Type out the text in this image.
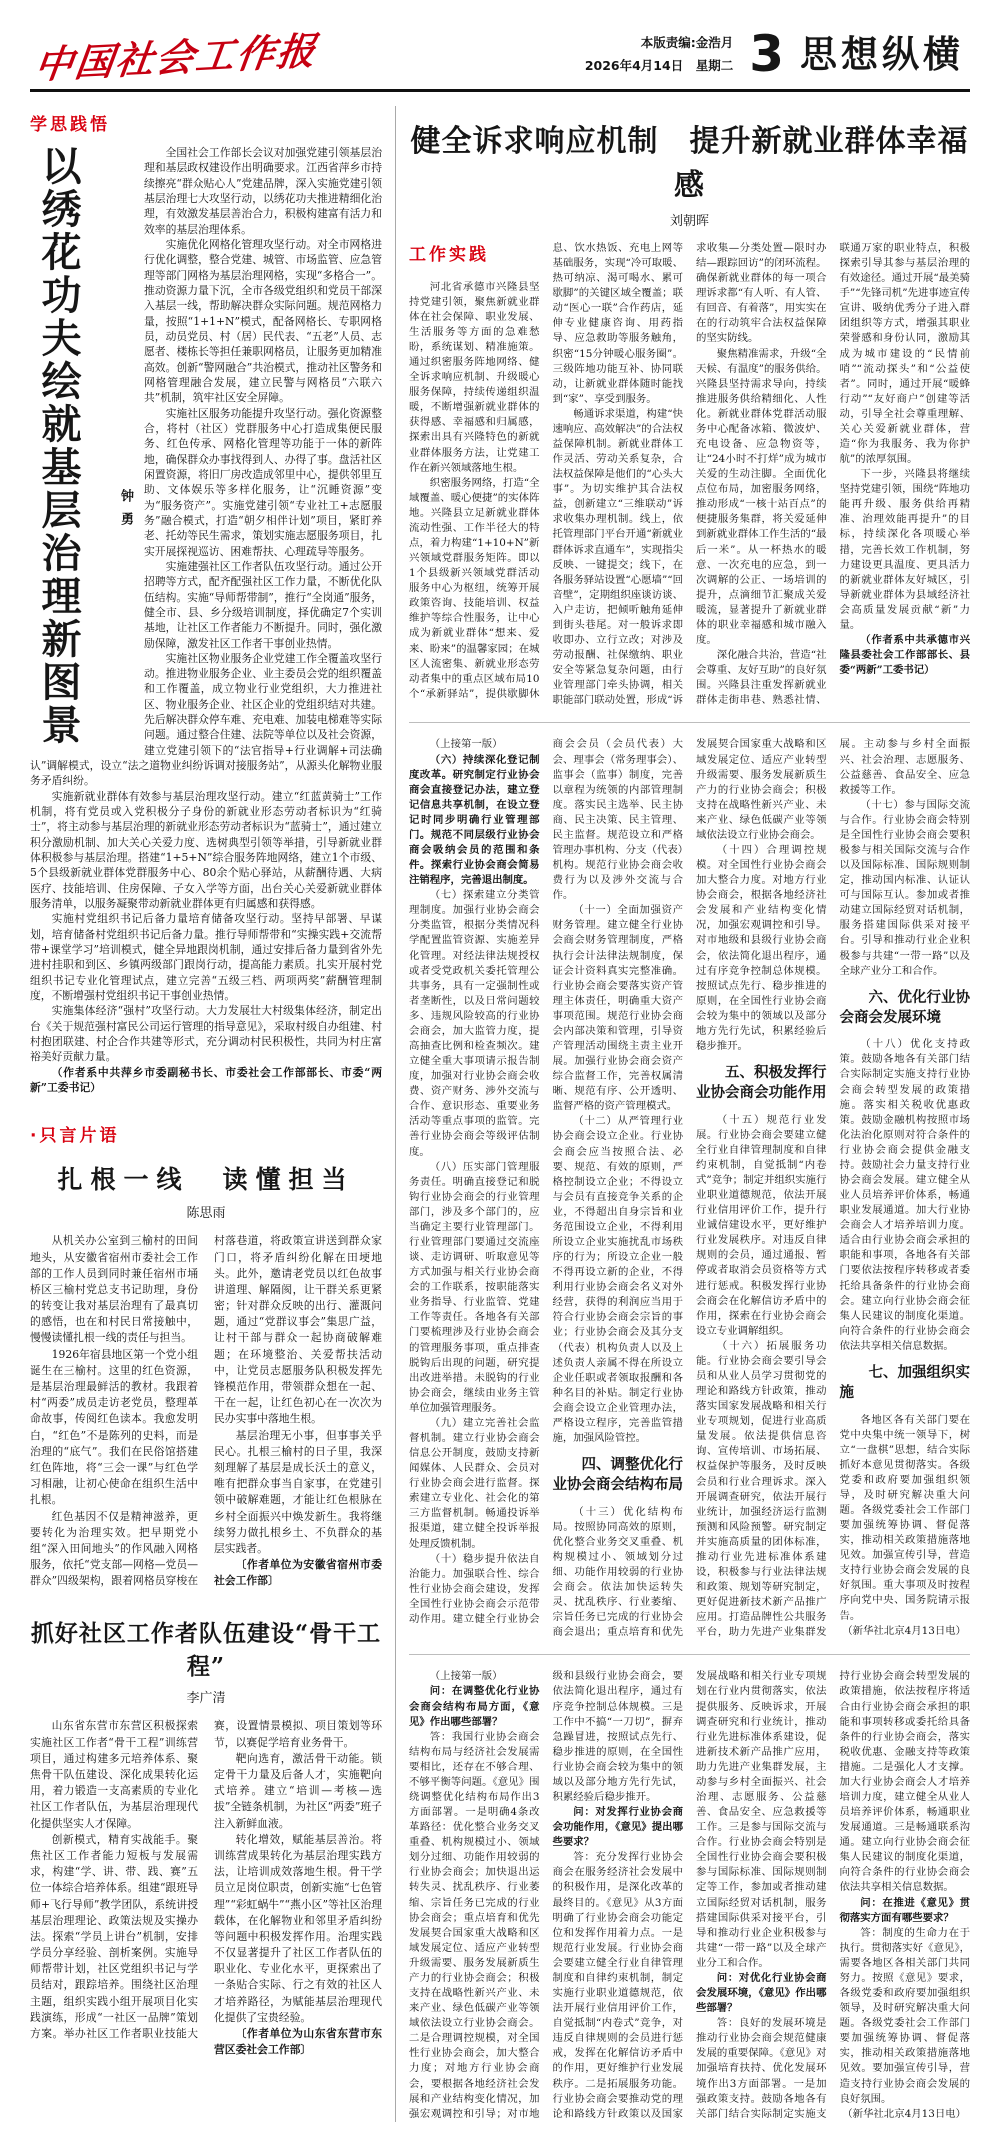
中国社会工作报	本版责编:金浩月
2026年4月14日　星期二 3 思想纵横
学思践悟
以绣花功夫绘就基层治理新图景	钟勇
全国社会工作部长会议对加强党建引领基层治理和基层政权建设作出明确要求。江西省萍乡市持续擦亮“群众贴心人”党建品牌，深入实施党建引领基层治理七大攻坚行动，以绣花功夫推进精细化治理，有效激发基层善治合力，积极构建富有活力和效率的基层治理体系。
实施优化网格化管理攻坚行动。对全市网格进行优化调整，整合党建、城管、市场监管、应急管理等部门网格为基层治理网格，实现“多格合一”。推动资源力量下沉，全市各级党组织和党员干部深入基层一线，帮助解决群众实际问题。规范网格力量，按照“1+1+N”模式，配备网格长、专职网格员，动员党员、村（居）民代表、“五老”人员、志愿者、楼栋长等担任兼职网格员，让服务更加精准高效。创新“警网融合”共治模式，推动社区警务和网格管理融合发展，建立民警与网格员“六联六共”机制，筑牢社区安全屏障。
实施社区服务功能提升攻坚行动。强化资源整合，将村（社区）党群服务中心打造成集便民服务、红色传承、网格化管理等功能于一体的新阵地，确保群众办事找得到人、办得了事。盘活社区闲置资源，将旧厂房改造成邻里中心，提供邻里互助、文体娱乐等多样化服务，让“沉睡资源”变为“服务资产”。实施党建引领“专业社工+志愿服务”融合模式，打造“朝夕相伴计划”项目，紧盯养老、托幼等民生需求，策划实施志愿服务项目，扎实开展探视巡访、困难帮扶、心理疏导等服务。
实施建强社区工作者队伍攻坚行动。通过公开招聘等方式，配齐配强社区工作力量，不断优化队伍结构。实施“导师帮带制”，推行“全岗通”服务，健全市、县、乡分级培训制度，择优确定7个实训基地，让社区工作者能力不断提升。同时，强化激励保障，激发社区工作者干事创业热情。
实施社区物业服务企业党建工作全覆盖攻坚行动。推进物业服务企业、业主委员会党的组织覆盖和工作覆盖，成立物业行业党组织，大力推进社区、物业服务企业、社区企业的党组织结对共建。先后解决群众停车难、充电难、加装电梯难等实际问题。通过整合住建、法院等单位以及社会资源，建立党建引领下的“法官指导+行业调解+司法确认”调解模式，设立“法之道物业纠纷诉调对接服务站”，从源头化解物业服务矛盾纠纷。
实施新就业群体有效参与基层治理攻坚行动。建立“红蓝黄骑士”工作机制，将有党员或入党积极分子身份的新就业形态劳动者标识为“红骑士”，将主动参与基层治理的新就业形态劳动者标识为“蓝骑士”，通过建立积分激励机制、加大关心关爱力度、选树典型引领等举措，引导新就业群体积极参与基层治理。搭建“1+5+N”综合服务阵地网络，建立1个市级、5个县级新就业群体党群服务中心、80余个贴心驿站，从薪酬待遇、大病医疗、技能培训、住房保障、子女入学等方面，出台关心关爱新就业群体服务清单，以服务凝聚带动新就业群体更有归属感和获得感。
实施村党组织书记后备力量培育储备攻坚行动。坚持早部署、早谋划，培育储备村党组织书记后备力量。推行导师帮带和“实操实践+交流帮带+课堂学习”培训模式，健全异地跟岗机制，通过安排后备力量到省外先进村挂职和到区、乡镇两级部门跟岗行动，提高能力素质。扎实开展村党组织书记专业化管理试点，建立完善“五级三档、两项两奖”薪酬管理制度，不断增强村党组织书记干事创业热情。
实施集体经济“强村”攻坚行动。大力发展壮大村级集体经济，制定出台《关于规范强村富民公司运行管理的指导意见》，采取村级自办组建、村村抱团联建、村企合作共建等形式，充分调动村民积极性，共同为村庄富裕美好贡献力量。
（作者系中共萍乡市委副秘书长、市委社会工作部部长、市委“两新”工委书记）
·只言片语
扎根一线　读懂担当
陈思雨
从机关办公室到三榆村的田间地头，从安徽省宿州市委社会工作部的工作人员到同时兼任宿州市埇桥区三榆村党总支书记助理，身份的转变让我对基层治理有了最真切的感悟，也在和村民日常接触中，慢慢读懂扎根一线的责任与担当。
1926年宿县地区第一个党小组诞生在三榆村。这里的红色资源，是基层治理最鲜活的教材。我跟着村“两委”成员走访老党员，整理革命故事，传阅红色读本。我愈发明白，“红色”不是陈列的史料，而是治理的“底气”。我们在民俗馆搭建红色阵地，将“三会一课”与红色学习相融，让初心使命在组织生活中扎根。
红色基因不仅是精神滋养，更要转化为治理实效。把早期党小组“深入田间地头”的作风融入网格服务，依托“党支部—网格—党员—群众”四级架构，跟着网格员穿梭在村落巷道，将政策宣讲送到群众家门口，将矛盾纠纷化解在田埂地头。此外，邀请老党员以红色故事讲道理、解隔阂，让干群关系更紧密；针对群众反映的出行、灌溉问题，通过“党群议事会”集思广益，让村干部与群众一起协商破解难题；在环境整治、关爱帮扶活动中，让党员志愿服务队积极发挥先锋模范作用，带领群众想在一起、干在一起，让红色初心在一次次为民办实事中落地生根。
基层治理无小事，但事事关乎民心。扎根三榆村的日子里，我深刻理解了基层是成长沃土的意义，唯有把群众事当自家事，在党建引领中破解难题，才能让红色根脉在乡村全面振兴中焕发新生。我将继续努力做扎根乡土、不负群众的基层实践者。
〔作者单位为安徽省宿州市委社会工作部〕
抓好社区工作者队伍建设“骨干工程”
李广清
山东省东营市东营区积极探索实施社区工作者“骨干工程”训练营项目，通过构建多元培养体系、聚焦骨干队伍建设、深化成果转化运用，着力锻造一支高素质的专业化社区工作者队伍，为基层治理现代化提供坚实人才保障。
创新模式，精育实战能手。聚焦社区工作者能力短板与发展需求，构建“学、讲、带、践、赛”五位一体综合培养体系。组建“跟班导师+飞行导师”教学团队，系统讲授基层治理理论、政策法规及实操办法。探索“学员上讲台”机制，安排学员分享经验、剖析案例。实施导师帮带计划，社区党组织书记与学员结对，跟踪培养。围绕社区治理主题，组织实践小组开展项目化实践演练，形成“一社区一品牌”策划方案。举办社区工作者职业技能大赛，设置情景模拟、项目策划等环节，以赛促学培育业务骨干。
靶向选育，激活骨干动能。锁定骨干力量及后备人才，实施靶向式培养。建立“培训—考核—选拔”全链条机制，为社区“两委”班子注入新鲜血液。
转化增效，赋能基层善治。将训练营成果转化为基层治理实践方法，让培训成效落地生根。骨干学员立足岗位职责，创新实施“七色管理”“彩虹蜗牛”“燕小区”等社区治理载体，在化解物业和邻里矛盾纠纷等问题中积极发挥作用。治理实践不仅显著提升了社区工作者队伍的职业化、专业化水平，更探索出了一条贴合实际、行之有效的社区人才培养路径，为赋能基层治理现代化提供了宝贵经验。
〔作者单位为山东省东营市东营区委社会工作部〕
健全诉求响应机制　提升新就业群体幸福感
刘朝晖
工作实践
河北省承德市兴隆县坚持党建引领，聚焦新就业群体在社会保障、职业发展、生活服务等方面的急难愁盼，系统谋划、精准施策。通过织密服务阵地网络、健全诉求响应机制、升级暖心服务保障，持续传递组织温暖，不断增强新就业群体的获得感、幸福感和归属感，探索出具有兴隆特色的新就业群体服务方法，让党建工作在新兴领域落地生根。
织密服务网络，打造“全域覆盖、暖心便捷”的实体阵地。兴隆县立足新就业群体流动性强、工作半径大的特点，着力构建“1+10+N”新兴领域党群服务矩阵。即以1个县级新兴领域党群活动服务中心为枢纽，统筹开展政策咨询、技能培训、权益维护等综合性服务，让中心成为新就业群体“想来、爱来、盼来”的温馨家园；在城区人流密集、新就业形态劳动者集中的重点区域布局10个“承新驿站”，提供歇脚休息、饮水热饭、充电上网等基础服务，实现“冷可取暖、热可纳凉、渴可喝水、累可歇脚”的关键区域全覆盖；联动“医心一联”合作药店，延伸专业健康咨询、用药指导、应急救助等服务触角，织密“15分钟暖心服务圈”。三级阵地功能互补、协同联动，让新就业群体随时能找到“家”、享受到服务。
畅通诉求渠道，构建“快速响应、高效解决”的合法权益保障机制。新就业群体工作灵活、劳动关系复杂，合法权益保障是他们的“心头大事”。为切实维护其合法权益，创新建立“三维联动”诉求收集办理机制。线上，依托管理部门平台开通“新就业群体诉求直通车”，实现指尖反映、一键提交；线下，在各服务驿站设置“心愿墙”“回音壁”，定期组织座谈访谈、入户走访，把倾听触角延伸到街头巷尾。对一般诉求即收即办、立行立改；对涉及劳动报酬、社保缴纳、职业安全等紧急复杂问题，由行业管理部门牵头协调，相关职能部门联动处置，形成“诉求收集—分类处置—限时办结—跟踪回访”的闭环流程。确保新就业群体的每一项合理诉求都“有人听、有人管、有回音、有着落”，用实实在在的行动筑牢合法权益保障的坚实防线。
聚焦精准需求，升级“全天候、有温度”的服务供给。兴隆县坚持需求导向，持续推进服务供给精细化、人性化。新就业群体党群活动服务中心配备冰箱、微波炉、充电设备、应急物资等，让“24小时不打烊”成为城市关爱的生动注脚。全面优化点位布局，加密服务网络，推动形成“一核十站百点”的便捷服务集群，将关爱延伸到新就业群体工作生活的“最后一米”。从一杯热水的暖意、一次充电的应急，到一次调解的公正、一场培训的提升，点滴细节汇聚成关爱暖流，显著提升了新就业群体的职业幸福感和城市融入度。
深化融合共治，营造“社会尊重、友好互助”的良好氛围。兴隆县注重发挥新就业群体走街串巷、熟悉社情、联通万家的职业特点，积极探索引导其参与基层治理的有效途径。通过开展“最美骑手”“先锋司机”先进事迹宣传宣讲、吸纳优秀分子进入群团组织等方式，增强其职业荣誉感和身份认同，激励其成为城市建设的“民情前哨”“流动探头”和“公益使者”。同时，通过开展“暖蜂行动”“友好商户”创建等活动，引导全社会尊重理解、关心关爱新就业群体，营造“你为我服务、我为你护航”的浓厚氛围。
下一步，兴隆县将继续坚持党建引领，围绕“阵地功能再升级、服务供给再精准、治理效能再提升”的目标，持续深化各项暖心举措，完善长效工作机制，努力建设更具温度、更具活力的新就业群体友好城区，引导新就业群体为县域经济社会高质量发展贡献“新”力量。
（作者系中共承德市兴隆县委社会工作部部长、县委“两新”工委书记）
（上接第一版）
（六）持续深化登记制度改革。研究制定行业协会商会直接登记办法，建立登记信息共享机制，在设立登记时同步明确行业管理部门。规范不同层级行业协会商会吸纳会员的范围和条件。探索行业协会商会简易注销程序，完善退出制度。
（七）探索建立分类管理制度。加强行业协会商会分类监管，根据分类情况科学配置监管资源、实施差异化管理。对经法律法规授权或者受党政机关委托管理公共事务，具有一定强制性或者垄断性，以及日常问题较多、违规风险较高的行业协会商会，加大监管力度，提高抽查比例和检查频次。建立健全重大事项请示报告制度，加强对行业协会商会收费、资产财务、涉外交流与合作、意识形态、重要业务活动等重点事项的监管。完善行业协会商会等级评估制度。
（八）压实部门管理服务责任。明确直接登记和脱钩行业协会商会的行业管理部门，涉及多个部门的，应当确定主要行业管理部门。行业管理部门要通过交流座谈、走访调研、听取意见等方式加强与相关行业协会商会的工作联系，按职能落实业务指导、行业监管、党建工作等责任。各地各有关部门要梳理涉及行业协会商会的管理服务事项，重点排查脱钩后出现的问题，研究提出改进举措。未脱钩的行业协会商会，继续由业务主管单位加强管理服务。
（九）建立完善社会监督机制。建立行业协会商会信息公开制度，鼓励支持新闻媒体、人民群众、会员对行业协会商会进行监督。探索建立专业化、社会化的第三方监督机制。畅通投诉举报渠道，建立健全投诉举报处理反馈机制。
（十）稳步提升依法自治能力。加强联合性、综合性行业协会商会建设，发挥全国性行业协会商会示范带动作用。建立健全行业协会商会会员（会员代表）大会、理事会（常务理事会）、监事会（监事）制度，完善以章程为统领的内部管理制度。落实民主选举、民主协商、民主决策、民主管理、民主监督。规范设立和严格管理办事机构、分支（代表）机构。规范行业协会商会收费行为以及涉外交流与合作。
（十一）全面加强资产财务管理。建立健全行业协会商会财务管理制度，严格执行会计法律法规制度，保证会计资料真实完整准确。行业协会商会要落实资产管理主体责任，明确重大资产事项范围。规范行业协会商会内部决策和管理，引导资产管理活动围绕主责主业开展。加强行业协会商会资产综合监督工作，完善权属清晰、规范有序、公开透明、监督严格的资产管理模式。
（十二）从严管理行业协会商会设立企业。行业协会商会应当按照合法、必要、规范、有效的原则，严格控制设立企业；不得设立与会员有直接竞争关系的企业，不得超出自身宗旨和业务范围设立企业，不得利用所设立企业实施扰乱市场秩序的行为；所设立企业一般不得再设立新的企业，不得利用行业协会商会名义对外经营，获得的利润应当用于符合行业协会商会宗旨的事业；行业协会商会及其分支（代表）机构负责人以及上述负责人亲属不得在所设立企业任职或者领取报酬和各种名目的补贴。制定行业协会商会设立企业管理办法，严格设立程序，完善监管措施，加强风险管控。
四、调整优化行业协会商会结构布局
（十三）优化结构布局。按照协同高效的原则，优化整合业务交叉重叠、机构规模过小、领域划分过细、功能作用较弱的行业协会商会。依法加快运转失灵、扰乱秩序、行业萎缩、宗旨任务已完成的行业协会商会退出；重点培育和优先发展契合国家重大战略和区域发展定位、适应产业转型升级需要、服务发展新质生产力的行业协会商会；积极支持在战略性新兴产业、未来产业、绿色低碳产业等领域依法设立行业协会商会。
（十四）合理调控规模。对全国性行业协会商会加大整合力度。对地方行业协会商会，根据各地经济社会发展和产业结构变化情况，加强宏观调控和引导。对市地级和县级行业协会商会，依法简化退出程序，通过有序竞争控制总体规模。按照试点先行、稳步推进的原则，在全国性行业协会商会较为集中的领域以及部分地方先行先试，积累经验后稳步推开。
五、积极发挥行业协会商会功能作用
（十五）规范行业发展。行业协会商会要建立健全行业自律管理制度和自律约束机制，自觉抵制“内卷式”竞争；制定并组织实施行业职业道德规范，依法开展行业信用评价工作，提升行业诚信建设水平，更好维护行业发展秩序。对违反自律规则的会员，通过通报、暂停或者取消会员资格等方式进行惩戒。积极发挥行业协会商会在化解信访矛盾中的作用，探索在行业协会商会设立专业调解组织。
（十六）拓展服务功能。行业协会商会要引导会员和从业人员学习贯彻党的理论和路线方针政策，推动落实国家发展战略和相关行业专项规划，促进行业高质量发展。依法提供信息咨询、宣传培训、市场拓展、权益保护等服务，及时反映会员和行业合理诉求。深入开展调查研究，依法开展行业统计，加强经济运行监测预测和风险预警。研究制定并实施高质量的团体标准，推动行业先进标准体系建设，积极参与行业法律法规和政策、规划等研究制定，更好促进新技术新产品推广应用。打造品牌性公共服务平台，助力先进产业集群发展。主动参与乡村全面振兴、社会治理、志愿服务、公益慈善、食品安全、应急救援等工作。
（十七）参与国际交流与合作。行业协会商会特别是全国性行业协会商会要积极参与相关国际交流与合作以及国际标准、国际规则制定，推动国内标准、认证认可与国际互认。参加或者推动建立国际经贸对话机制，服务搭建国际供采对接平台。引导和推动行业企业积极参与共建“一带一路”以及全球产业分工和合作。
六、优化行业协会商会发展环境
（十八）优化支持政策。鼓励各地各有关部门结合实际制定实施支持行业协会商会转型发展的政策措施。落实相关税收优惠政策。鼓励金融机构按照市场化法治化原则对符合条件的行业协会商会提供金融支持。鼓励社会力量支持行业协会商会发展。建立健全从业人员培养评价体系，畅通职业发展通道。加大行业协会商会人才培养培训力度。适合由行业协会商会承担的职能和事项，各地各有关部门要依法按程序转移或者委托给具备条件的行业协会商会。建立向行业协会商会征集人民建议的制度化渠道。向符合条件的行业协会商会依法共享相关信息数据。
七、加强组织实施
各地区各有关部门要在党中央集中统一领导下，树立“一盘棋”思想，结合实际抓好本意见贯彻落实。各级党委和政府要加强组织领导，及时研究解决重大问题。各级党委社会工作部门要加强统筹协调、督促落实，推动相关政策措施落地见效。加强宣传引导，营造支持行业协会商会发展的良好氛围。重大事项及时按程序向党中央、国务院请示报告。
（新华社北京4月13日电）
（上接第一版）
问：在调整优化行业协会商会结构布局方面，《意见》作出哪些部署？
答：我国行业协会商会结构布局与经济社会发展需要相比，还存在不够合理、不够平衡等问题。《意见》围绕调整优化结构布局作出3方面部署。一是明确4条改革路径：优化整合业务交叉重叠、机构规模过小、领域划分过细、功能作用较弱的行业协会商会；加快退出运转失灵、扰乱秩序、行业萎缩、宗旨任务已完成的行业协会商会；重点培育和优先发展契合国家重大战略和区域发展定位、适应产业转型升级需要、服务发展新质生产力的行业协会商会；积极支持在战略性新兴产业、未来产业、绿色低碳产业等领域依法设立行业协会商会。二是合理调控规模，对全国性行业协会商会，加大整合力度；对地方行业协会商会，要根据各地经济社会发展和产业结构变化情况，加强宏观调控和引导；对市地级和县级行业协会商会，要依法简化退出程序，通过有序竞争控制总体规模。三是工作中不搞“一刀切”，摒弃急躁冒进，按照试点先行、稳步推进的原则，在全国性行业协会商会较为集中的领域以及部分地方先行先试，积累经验后稳步推开。
问：对发挥行业协会商会功能作用，《意见》提出哪些要求？
答：充分发挥行业协会商会在服务经济社会发展中的积极作用，是深化改革的最终目的。《意见》从3方面明确了行业协会商会功能定位和发挥作用着力点。一是规范行业发展。行业协会商会要建立健全行业自律管理制度和自律约束机制，制定实施行业职业道德规范，依法开展行业信用评价工作，自觉抵制“内卷式”竞争，对违反自律规则的会员进行惩戒，发挥在化解信访矛盾中的作用，更好维护行业发展秩序。二是拓展服务功能。行业协会商会要推动党的理论和路线方针政策以及国家发展战略和相关行业专项规划在行业内贯彻落实，依法提供服务、反映诉求，开展调查研究和行业统计，推动行业先进标准体系建设，促进新技术新产品推广应用，助力先进产业集群发展，主动参与乡村全面振兴、社会治理、志愿服务、公益慈善、食品安全、应急救援等工作。三是参与国际交流与合作。行业协会商会特别是全国性行业协会商会要积极参与国际标准、国际规则制定等工作，参加或者推动建立国际经贸对话机制，服务搭建国际供采对接平台，引导和推动行业企业积极参与共建“一带一路”以及全球产业分工和合作。
问：对优化行业协会商会发展环境，《意见》作出哪些部署？
答：良好的发展环境是推动行业协会商会规范健康发展的重要保障。《意见》对加强培育扶持、优化发展环境作出3方面部署。一是加强政策支持。鼓励各地各有关部门结合实际制定实施支持行业协会商会转型发展的政策措施，依法按程序将适合由行业协会商会承担的职能和事项转移或委托给具备条件的行业协会商会，落实税收优惠、金融支持等政策措施。二是强化人才支撑。加大行业协会商会人才培养培训力度，建立健全从业人员培养评价体系，畅通职业发展通道。三是畅通联系沟通。建立向行业协会商会征集人民建议的制度化渠道，向符合条件的行业协会商会依法共享相关信息数据。
问：在推进《意见》贯彻落实方面有哪些要求？
答：制度的生命力在于执行。贯彻落实好《意见》，需要各地区各相关部门共同努力。按照《意见》要求，各级党委和政府要加强组织领导，及时研究解决重大问题。各级党委社会工作部门要加强统筹协调、督促落实，推动相关政策措施落地见效。要加强宣传引导，营造支持行业协会商会发展的良好氛围。
（新华社北京4月13日电）
